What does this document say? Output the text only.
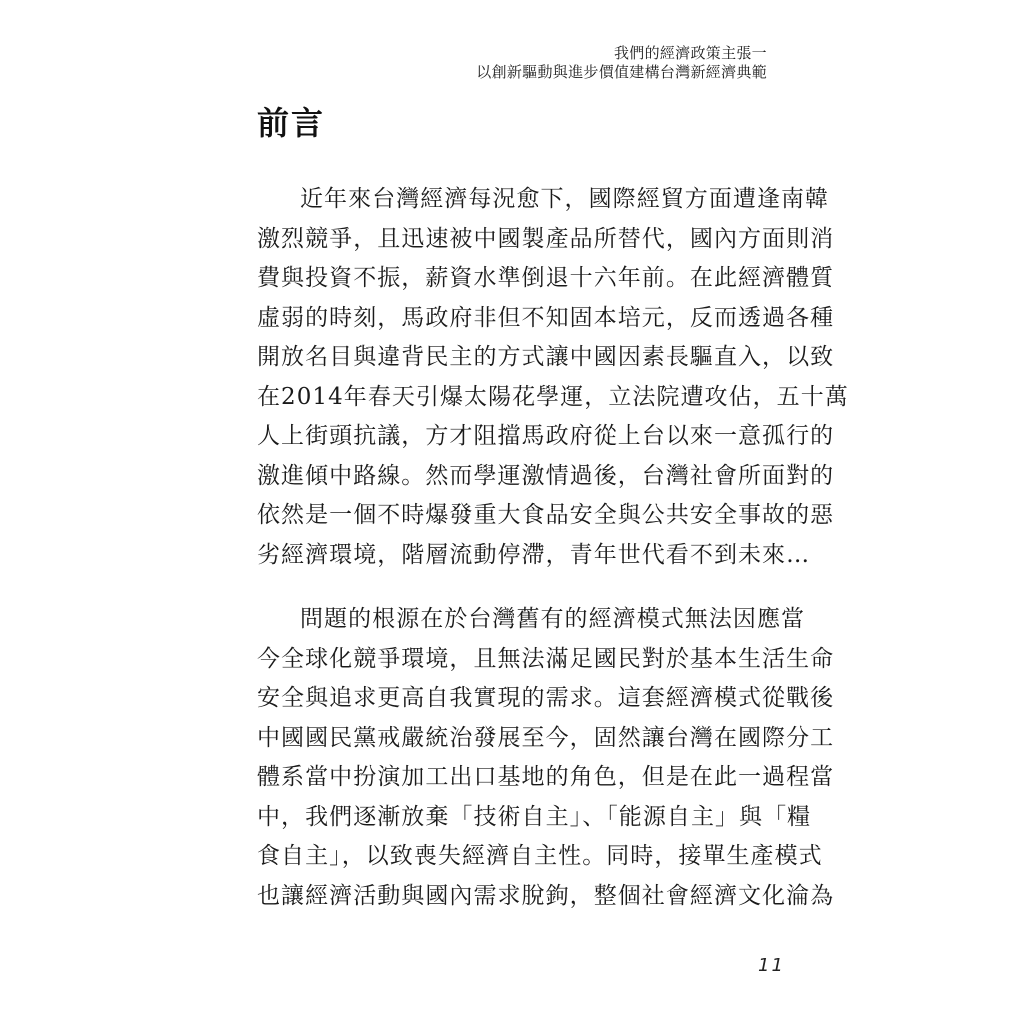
我們的經濟政策主張一
以創新驅動與進步價值建構台灣新經濟典範
前言
近年來台灣經濟每況愈下，國際經貿方面遭逢南韓
激烈競爭，且迅速被中國製產品所替代，國內方面則消
費與投資不振，薪資水準倒退十六年前。在此經濟體質
虛弱的時刻，馬政府非但不知固本培元，反而透過各種
開放名目與違背民主的方式讓中國因素長驅直入，以致
在2014年春天引爆太陽花學運，立法院遭攻佔，五十萬
人上街頭抗議，方才阻擋馬政府從上台以來一意孤行的
激進傾中路線。然而學運激情過後，台灣社會所面對的
依然是一個不時爆發重大食品安全與公共安全事故的惡
劣經濟環境，階層流動停滯，青年世代看不到未來…
問題的根源在於台灣舊有的經濟模式無法因應當
今全球化競爭環境，且無法滿足國民對於基本生活生命
安全與追求更高自我實現的需求。這套經濟模式從戰後
中國國民黨戒嚴統治發展至今，固然讓台灣在國際分工
體系當中扮演加工出口基地的角色，但是在此一過程當
中，我們逐漸放棄「技術自主」、「能源自主」與「糧
食自主」，以致喪失經濟自主性。同時，接單生產模式
也讓經濟活動與國內需求脫鉤，整個社會經濟文化淪為
11
